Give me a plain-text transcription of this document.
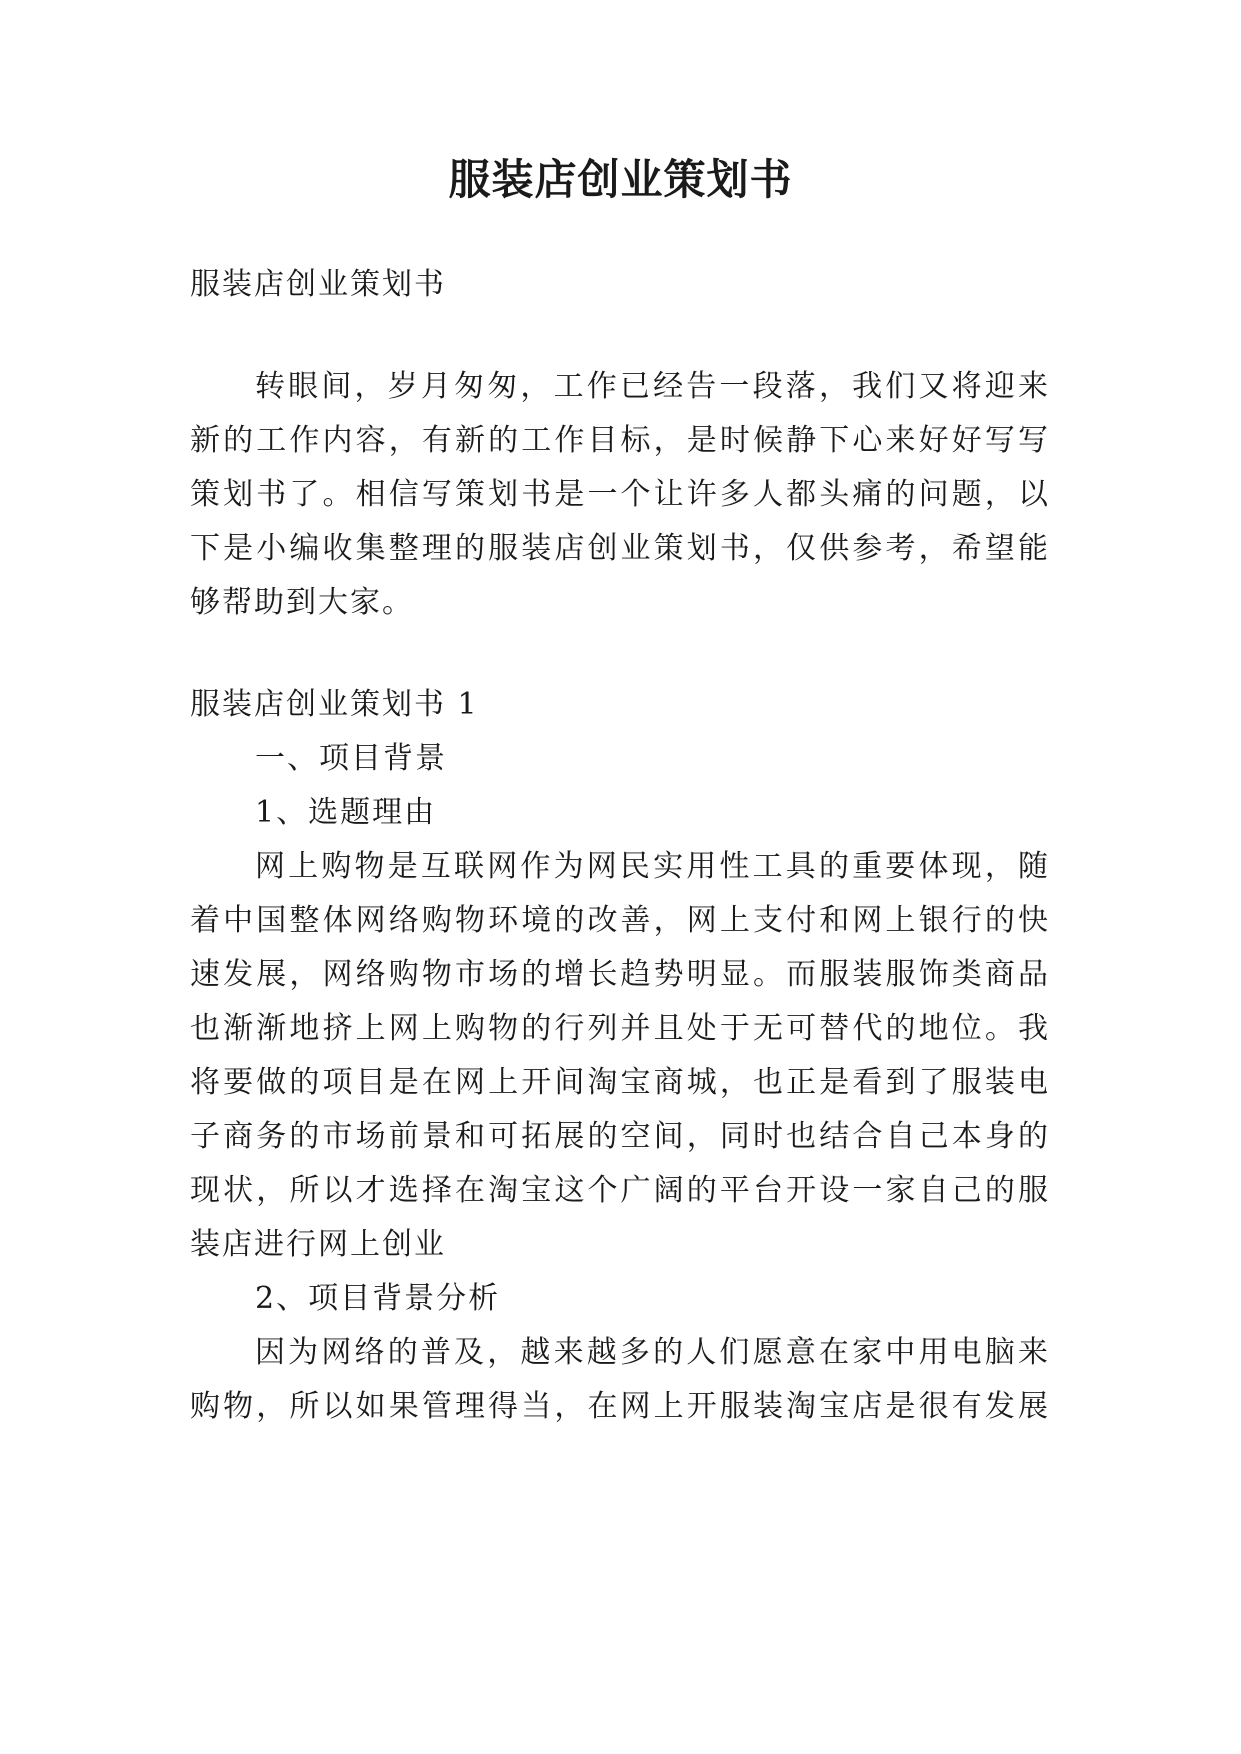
服装店创业策划书
服装店创业策划书
转眼间，岁月匆匆，工作已经告一段落，我们又将迎来
新的工作内容，有新的工作目标，是时候静下心来好好写写
策划书了。相信写策划书是一个让许多人都头痛的问题，以
下是小编收集整理的服装店创业策划书，仅供参考，希望能
够帮助到大家。
服装店创业策划书 1
一、项目背景
1、选题理由
网上购物是互联网作为网民实用性工具的重要体现，随
着中国整体网络购物环境的改善，网上支付和网上银行的快
速发展，网络购物市场的增长趋势明显。而服装服饰类商品
也渐渐地挤上网上购物的行列并且处于无可替代的地位。我
将要做的项目是在网上开间淘宝商城，也正是看到了服装电
子商务的市场前景和可拓展的空间，同时也结合自己本身的
现状，所以才选择在淘宝这个广阔的平台开设一家自己的服
装店进行网上创业
2、项目背景分析
因为网络的普及，越来越多的人们愿意在家中用电脑来
购物，所以如果管理得当，在网上开服装淘宝店是很有发展
